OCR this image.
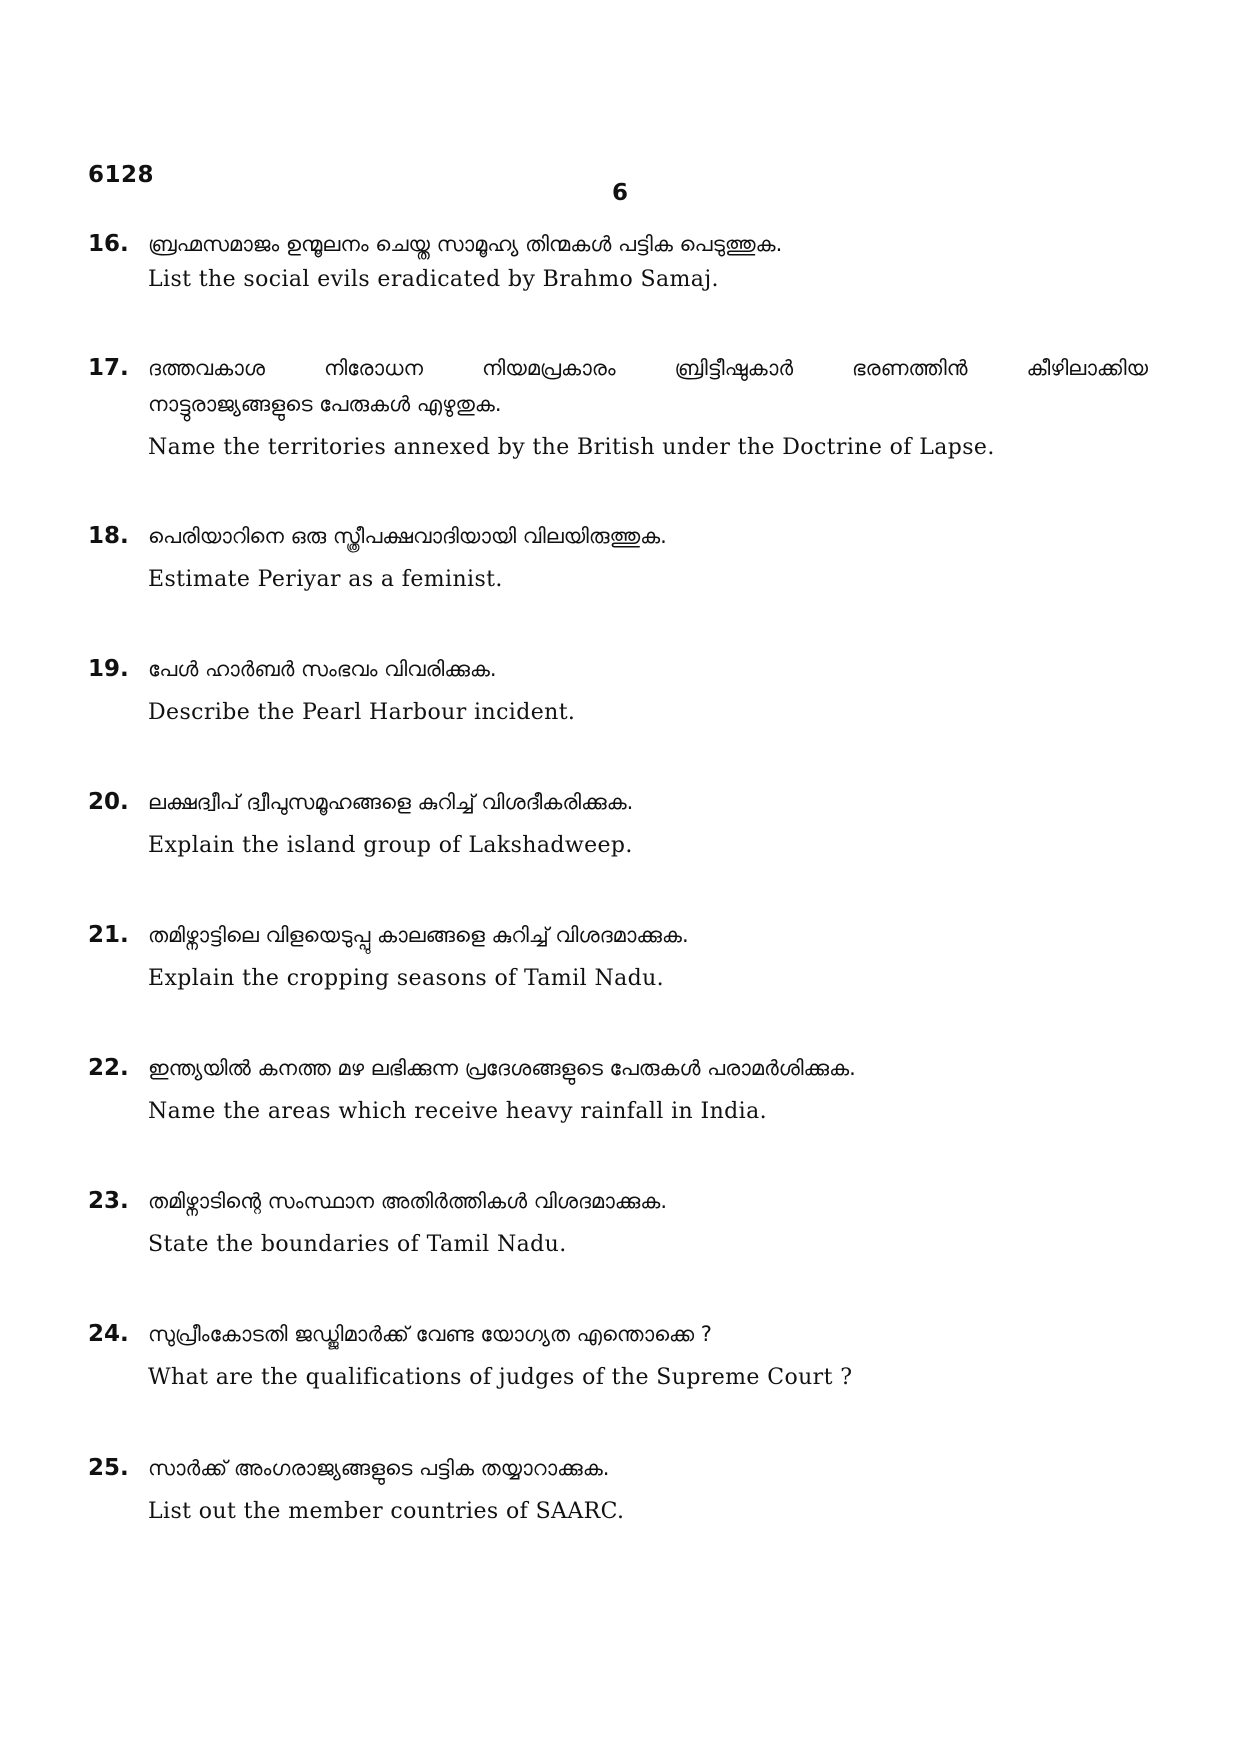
6128
6
16. ബ്രഹ്മസമാജം ഉന്മൂലനം ചെയ്ത സാമൂഹ്യ തിന്മകൾ പട്ടിക പെടുത്തുക.
List the social evils eradicated by Brahmo Samaj.
17. ദത്തവകാശ നിരോധന നിയമപ്രകാരം ബ്രിട്ടീഷുകാർ ഭരണത്തിൻ കീഴിലാക്കിയ
നാട്ടുരാജ്യങ്ങളുടെ പേരുകൾ എഴുതുക.
Name the territories annexed by the British under the Doctrine of Lapse.
18. പെരിയാറിനെ ഒരു സ്ത്രീപക്ഷവാദിയായി വിലയിരുത്തുക.
Estimate Periyar as a feminist.
19. പേൾ ഹാർബർ സംഭവം വിവരിക്കുക.
Describe the Pearl Harbour incident.
20. ലക്ഷദ്വീപ് ദ്വീപുസമൂഹങ്ങളെ കുറിച്ച് വിശദീകരിക്കുക.
Explain the island group of Lakshadweep.
21. തമിഴ്നാട്ടിലെ വിളയെടുപ്പു കാലങ്ങളെ കുറിച്ച് വിശദമാക്കുക.
Explain the cropping seasons of Tamil Nadu.
22. ഇന്ത്യയിൽ കനത്ത മഴ ലഭിക്കുന്ന പ്രദേശങ്ങളുടെ പേരുകൾ പരാമർശിക്കുക.
Name the areas which receive heavy rainfall in India.
23. തമിഴ്നാടിന്റെ സംസ്ഥാന അതിർത്തികൾ വിശദമാക്കുക.
State the boundaries of Tamil Nadu.
24. സുപ്രീംകോടതി ജഡ്ജിമാർക്ക് വേണ്ട യോഗ്യത എന്തൊക്കെ ?
What are the qualifications of judges of the Supreme Court ?
25. സാർക്ക് അംഗരാജ്യങ്ങളുടെ പട്ടിക തയ്യാറാക്കുക.
List out the member countries of SAARC.
